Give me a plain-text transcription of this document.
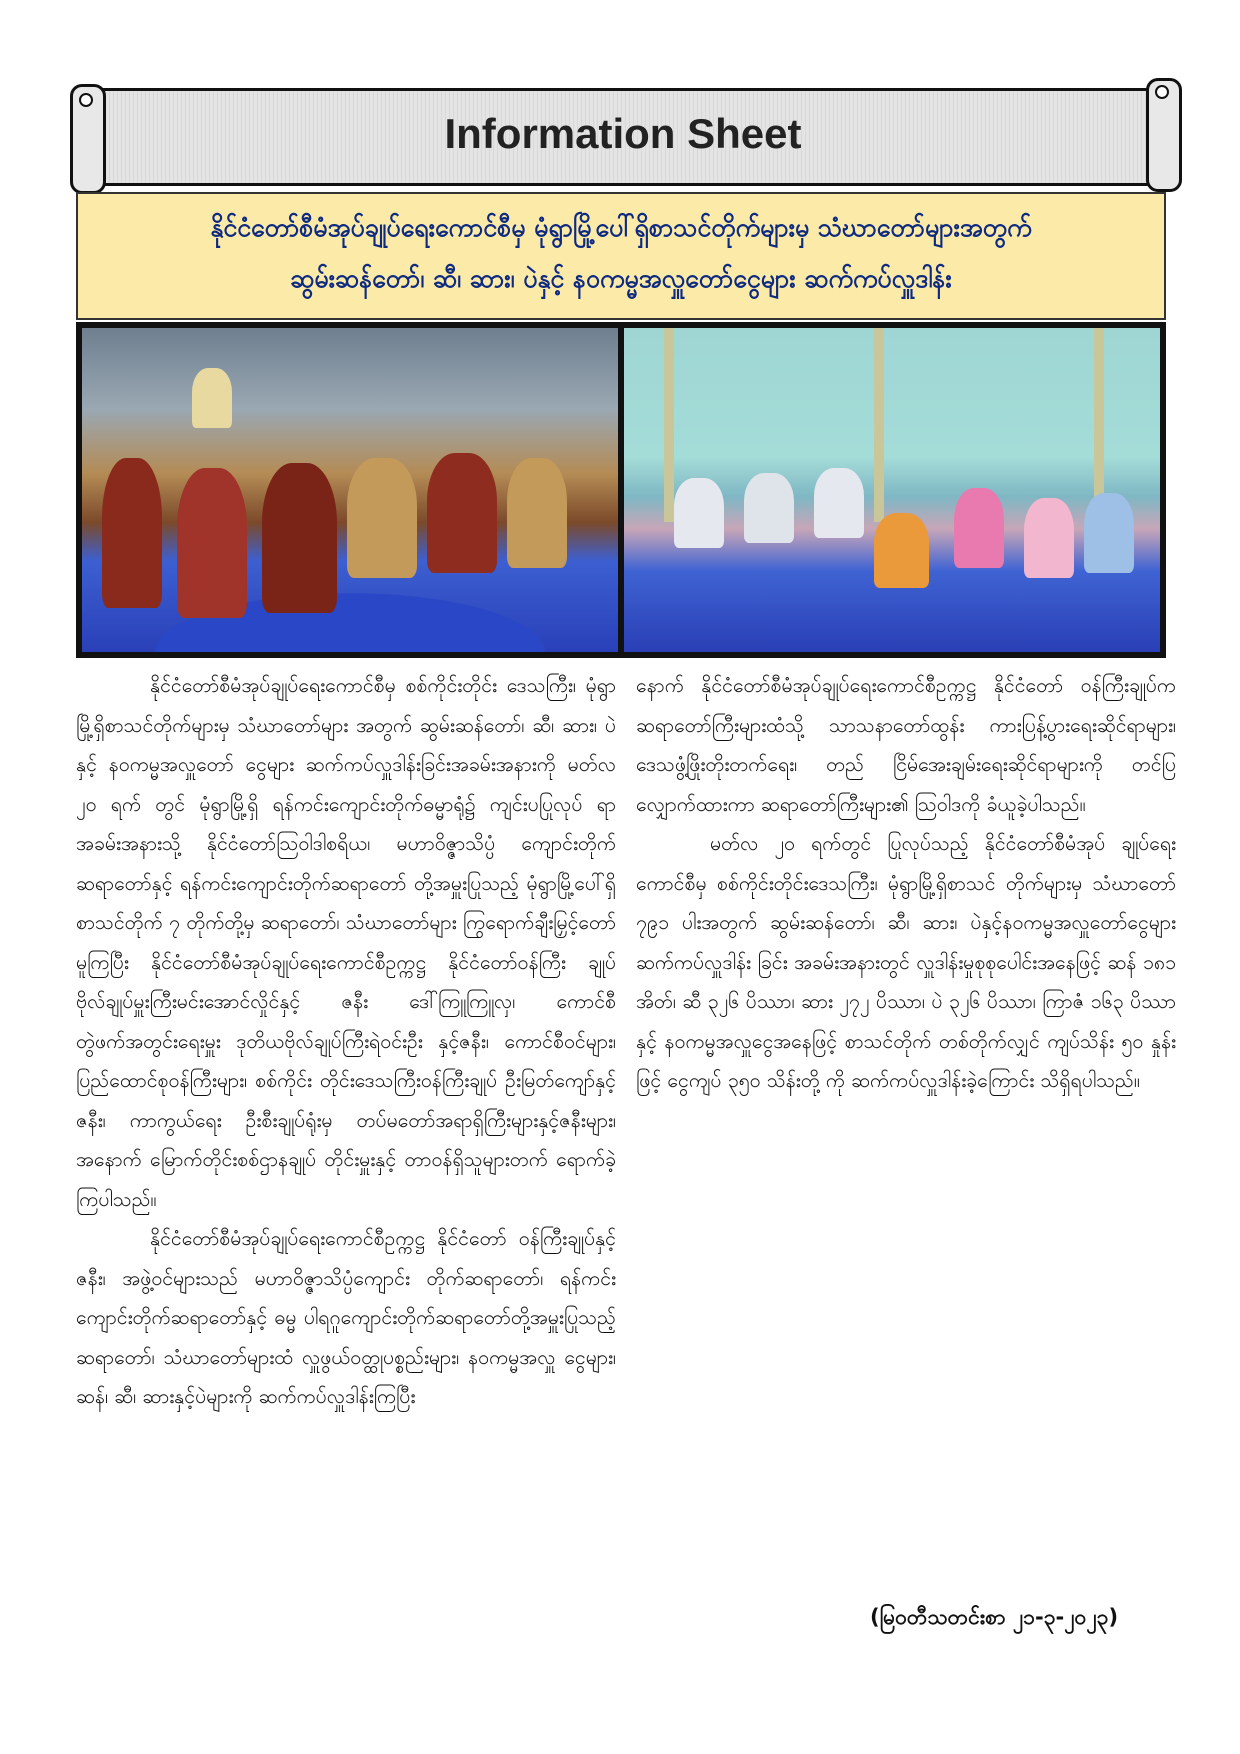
Information Sheet
နိုင်ငံတော်စီမံအုပ်ချုပ်ရေးကောင်စီမှ မုံရွာမြို့ပေါ်ရှိစာသင်တိုက်များမှ သံဃာတော်များအတွက်
ဆွမ်းဆန်တော်၊ ဆီ၊ ဆား၊ ပဲနှင့် နဝကမ္မအလှူတော်ငွေများ ဆက်ကပ်လှူဒါန်း

နိုင်ငံတော်စီမံအုပ်ချုပ်ရေးကောင်စီမှ စစ်ကိုင်းတိုင်း ဒေသကြီး၊ မုံရွာမြို့ရှိစာသင်တိုက်များမှ သံဃာတော်များ အတွက် ဆွမ်းဆန်တော်၊ ဆီ၊ ဆား၊ ပဲနှင့် နဝကမ္မအလှူတော် ငွေများ ဆက်ကပ်လှူဒါန်းခြင်းအခမ်းအနားကို မတ်လ ၂၀ ရက် တွင် မုံရွာမြို့ရှိ ရန်ကင်းကျောင်းတိုက်ဓမ္မာရုံ၌ ကျင်းပပြုလုပ် ရာ အခမ်းအနားသို့ နိုင်ငံတော်ဩဝါဒါစရိယ၊ မဟာဝိဇ္ဇာသိပ္ပံ ကျောင်းတိုက်ဆရာတော်နှင့် ရန်ကင်းကျောင်းတိုက်ဆရာတော် တို့အမှူးပြုသည့် မုံရွာမြို့ပေါ်ရှိ စာသင်တိုက် ၇ တိုက်တို့မှ ဆရာတော်၊ သံဃာတော်များ ကြွရောက်ချီးမြှင့်တော်မူကြပြီး နိုင်ငံတော်စီမံအုပ်ချုပ်ရေးကောင်စီဥက္ကဋ္ဌ နိုင်ငံတော်ဝန်ကြီး ချုပ် ဗိုလ်ချုပ်မှူးကြီးမင်းအောင်လှိုင်နှင့် ဇနီး ဒေါ်ကြူကြူလှ၊ ကောင်စီတွဲဖက်အတွင်းရေးမှူး ဒုတိယဗိုလ်ချုပ်ကြီးရဲဝင်းဦး နှင့်ဇနီး၊ ကောင်စီဝင်များ၊ ပြည်ထောင်စုဝန်ကြီးများ၊ စစ်ကိုင်း တိုင်းဒေသကြီးဝန်ကြီးချုပ် ဦးမြတ်ကျော်နှင့်ဇနီး၊ ကာကွယ်ရေး ဦးစီးချုပ်ရုံးမှ တပ်မတော်အရာရှိကြီးများနှင့်ဇနီးများ၊ အနောက် မြောက်တိုင်းစစ်ဌာနချုပ် တိုင်းမှူးနှင့် တာဝန်ရှိသူများတက် ရောက်ခဲ့ကြပါသည်။

နိုင်ငံတော်စီမံအုပ်ချုပ်ရေးကောင်စီဥက္ကဋ္ဌ နိုင်ငံတော် ဝန်ကြီးချုပ်နှင့်ဇနီး၊ အဖွဲ့ဝင်များသည် မဟာဝိဇ္ဇာသိပ္ပံကျောင်း တိုက်ဆရာတော်၊ ရန်ကင်းကျောင်းတိုက်ဆရာတော်နှင့် ဓမ္မ ပါရဂူကျောင်းတိုက်ဆရာတော်တို့အမှူးပြုသည့် ဆရာတော်၊ သံဃာတော်များထံ လှူဖွယ်ဝတ္ထုပစ္စည်းများ၊ နဝကမ္မအလှူ ငွေများ၊ ဆန်၊ ဆီ၊ ဆားနှင့်ပဲများကို ဆက်ကပ်လှူဒါန်းကြပြီး

နောက် နိုင်ငံတော်စီမံအုပ်ချုပ်ရေးကောင်စီဥက္ကဋ္ဌ နိုင်ငံတော် ဝန်ကြီးချုပ်က ဆရာတော်ကြီးများထံသို့ သာသနာတော်ထွန်း ကားပြန့်ပွားရေးဆိုင်ရာများ၊ ဒေသဖွံ့ဖြိုးတိုးတက်ရေး၊ တည် ငြိမ်အေးချမ်းရေးဆိုင်ရာများကို တင်ပြလျှောက်ထားကာ ဆရာတော်ကြီးများ၏ ဩဝါဒကို ခံယူခဲ့ပါသည်။

မတ်လ ၂၀ ရက်တွင် ပြုလုပ်သည့် နိုင်ငံတော်စီမံအုပ် ချုပ်ရေးကောင်စီမှ စစ်ကိုင်းတိုင်းဒေသကြီး၊ မုံရွာမြို့ရှိစာသင် တိုက်များမှ သံဃာတော် ၇၉၁ ပါးအတွက် ဆွမ်းဆန်တော်၊ ဆီ၊ ဆား၊ ပဲနှင့်နဝကမ္မအလှူတော်ငွေများ ဆက်ကပ်လှူဒါန်း ခြင်း အခမ်းအနားတွင် လှူဒါန်းမှုစုစုပေါင်းအနေဖြင့် ဆန် ၁၈၁ အိတ်၊ ဆီ ၃၂၆ ပိဿာ၊ ဆား ၂၇၂ ပိဿာ၊ ပဲ ၃၂၆ ပိဿာ၊ ကြာဇံ ၁၆၃ ပိဿာနှင့် နဝကမ္မအလှူငွေအနေဖြင့် စာသင်တိုက် တစ်တိုက်လျှင် ကျပ်သိန်း ၅၀ နှုန်းဖြင့် ငွေကျပ် ၃၅၀ သိန်းတို့ ကို ဆက်ကပ်လှူဒါန်းခဲ့ကြောင်း သိရှိရပါသည်။

(မြဝတီသတင်းစာ ၂၁-၃-၂၀၂၃)
